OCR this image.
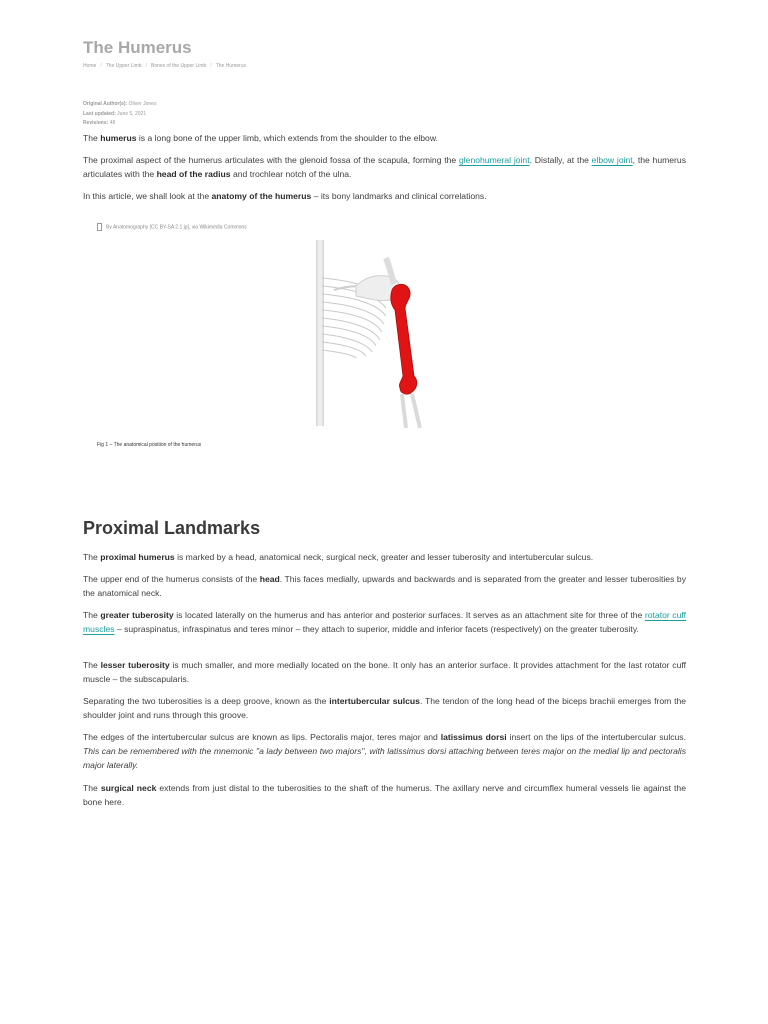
The Humerus
Home / The Upper Limb / Bones of the Upper Limb / The Humerus
Original Author(s): Oliver Jones
Last updated: June 5, 2021
Revisions: 48

The humerus is a long bone of the upper limb, which extends from the shoulder to the elbow.

The proximal aspect of the humerus articulates with the glenoid fossa of the scapula, forming the glenohumeral joint. Distally, at the elbow joint, the humerus articulates with the head of the radius and trochlear notch of the ulna.

In this article, we shall look at the anatomy of the humerus – its bony landmarks and clinical correlations.

By Anatomography [CC BY-SA 2.1 jp], via Wikimedia Commons
Fig 1 – The anatomical position of the humerus
Proximal Landmarks

The proximal humerus is marked by a head, anatomical neck, surgical neck, greater and lesser tuberosity and intertubercular sulcus.

The upper end of the humerus consists of the head. This faces medially, upwards and backwards and is separated from the greater and lesser tuberosities by the anatomical neck.

The greater tuberosity is located laterally on the humerus and has anterior and posterior surfaces. It serves as an attachment site for three of the rotator cuff muscles – supraspinatus, infraspinatus and teres minor – they attach to superior, middle and inferior facets (respectively) on the greater tuberosity.

The lesser tuberosity is much smaller, and more medially located on the bone. It only has an anterior surface. It provides attachment for the last rotator cuff muscle – the subscapularis.

Separating the two tuberosities is a deep groove, known as the intertubercular sulcus. The tendon of the long head of the biceps brachii emerges from the shoulder joint and runs through this groove.

The edges of the intertubercular sulcus are known as lips. Pectoralis major, teres major and latissimus dorsi insert on the lips of the intertubercular sulcus. This can be remembered with the mnemonic "a lady between two majors", with latissimus dorsi attaching between teres major on the medial lip and pectoralis major laterally.

The surgical neck extends from just distal to the tuberosities to the shaft of the humerus. The axillary nerve and circumflex humeral vessels lie against the bone here.
